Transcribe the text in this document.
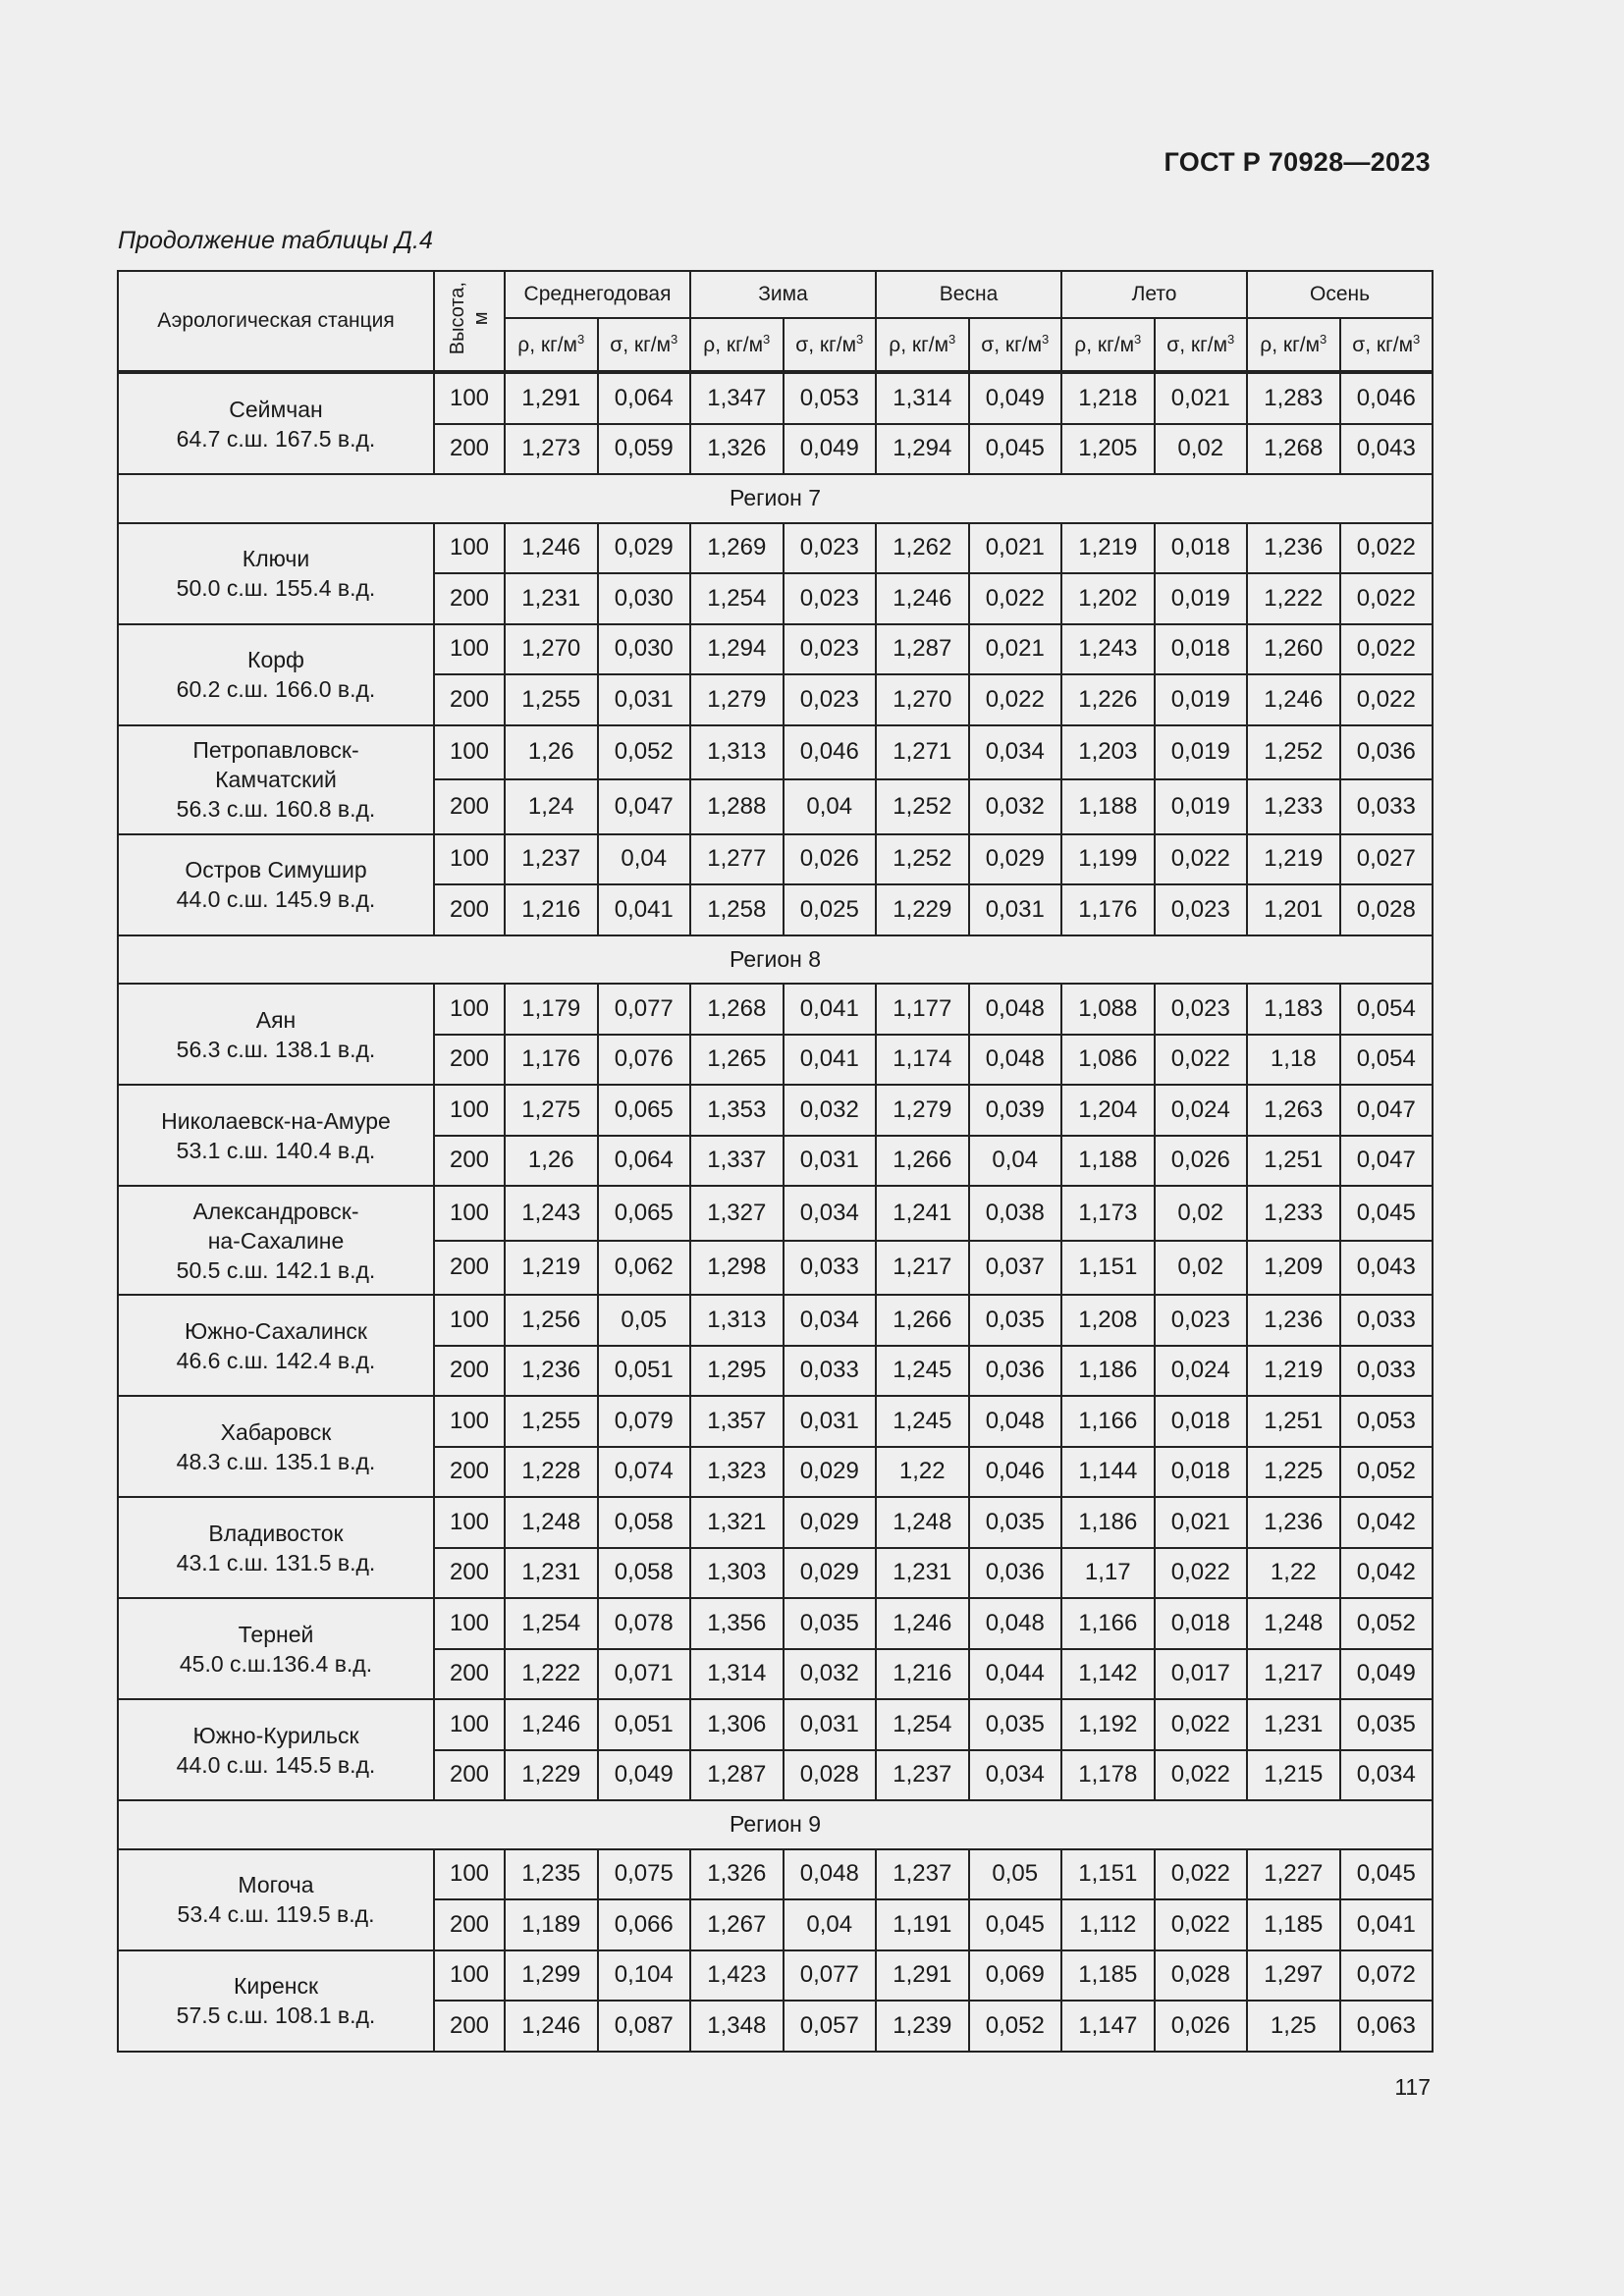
ГОСТ Р 70928—2023
Продолжение таблицы Д.4
Аэрологическая станция	Высота, м	Среднегодовая		Зима		Весна		Лето		Осень	
		ρ, $кг/м^3$	σ, $кг/м^3$	ρ, $кг/м^3$	σ, $кг/м^3$	ρ, $кг/м^3$	σ, $кг/м^3$	ρ, $кг/м^3$	σ, $кг/м^3$	ρ, $кг/м^3$	σ, $кг/м^3$
Сеймчан
64.7 с.ш. 167.5 в.д.	100	1,291	0,064	1,347	0,053	1,314	0,049	1,218	0,021	1,283	0,046
	200	1,273	0,059	1,326	0,049	1,294	0,045	1,205	0,02	1,268	0,043
Регион 7											
Ключи
50.0 с.ш. 155.4 в.д.	100	1,246	0,029	1,269	0,023	1,262	0,021	1,219	0,018	1,236	0,022
	200	1,231	0,030	1,254	0,023	1,246	0,022	1,202	0,019	1,222	0,022
Корф
60.2 с.ш. 166.0 в.д.	100	1,270	0,030	1,294	0,023	1,287	0,021	1,243	0,018	1,260	0,022
	200	1,255	0,031	1,279	0,023	1,270	0,022	1,226	0,019	1,246	0,022
Петропавловск-
Камчатский
56.3 с.ш. 160.8 в.д.	100	1,26	0,052	1,313	0,046	1,271	0,034	1,203	0,019	1,252	0,036
	200	1,24	0,047	1,288	0,04	1,252	0,032	1,188	0,019	1,233	0,033
Остров Симушир
44.0 с.ш. 145.9 в.д.	100	1,237	0,04	1,277	0,026	1,252	0,029	1,199	0,022	1,219	0,027
	200	1,216	0,041	1,258	0,025	1,229	0,031	1,176	0,023	1,201	0,028
Регион 8											
Аян
56.3 с.ш. 138.1 в.д.	100	1,179	0,077	1,268	0,041	1,177	0,048	1,088	0,023	1,183	0,054
	200	1,176	0,076	1,265	0,041	1,174	0,048	1,086	0,022	1,18	0,054
Николаевск-на-Амуре
53.1 с.ш. 140.4 в.д.	100	1,275	0,065	1,353	0,032	1,279	0,039	1,204	0,024	1,263	0,047
	200	1,26	0,064	1,337	0,031	1,266	0,04	1,188	0,026	1,251	0,047
Александровск-
на-Сахалине
50.5 с.ш. 142.1 в.д.	100	1,243	0,065	1,327	0,034	1,241	0,038	1,173	0,02	1,233	0,045
	200	1,219	0,062	1,298	0,033	1,217	0,037	1,151	0,02	1,209	0,043
Южно-Сахалинск
46.6 с.ш. 142.4 в.д.	100	1,256	0,05	1,313	0,034	1,266	0,035	1,208	0,023	1,236	0,033
	200	1,236	0,051	1,295	0,033	1,245	0,036	1,186	0,024	1,219	0,033
Хабаровск
48.3 с.ш. 135.1 в.д.	100	1,255	0,079	1,357	0,031	1,245	0,048	1,166	0,018	1,251	0,053
	200	1,228	0,074	1,323	0,029	1,22	0,046	1,144	0,018	1,225	0,052
Владивосток
43.1 с.ш. 131.5 в.д.	100	1,248	0,058	1,321	0,029	1,248	0,035	1,186	0,021	1,236	0,042
	200	1,231	0,058	1,303	0,029	1,231	0,036	1,17	0,022	1,22	0,042
Терней
45.0 с.ш.136.4 в.д.	100	1,254	0,078	1,356	0,035	1,246	0,048	1,166	0,018	1,248	0,052
	200	1,222	0,071	1,314	0,032	1,216	0,044	1,142	0,017	1,217	0,049
Южно-Курильск
44.0 с.ш. 145.5 в.д.	100	1,246	0,051	1,306	0,031	1,254	0,035	1,192	0,022	1,231	0,035
	200	1,229	0,049	1,287	0,028	1,237	0,034	1,178	0,022	1,215	0,034
Регион 9											
Могоча
53.4 с.ш. 119.5 в.д.	100	1,235	0,075	1,326	0,048	1,237	0,05	1,151	0,022	1,227	0,045
	200	1,189	0,066	1,267	0,04	1,191	0,045	1,112	0,022	1,185	0,041
Киренск
57.5 с.ш. 108.1 в.д.	100	1,299	0,104	1,423	0,077	1,291	0,069	1,185	0,028	1,297	0,072
	200	1,246	0,087	1,348	0,057	1,239	0,052	1,147	0,026	1,25	0,063
117
